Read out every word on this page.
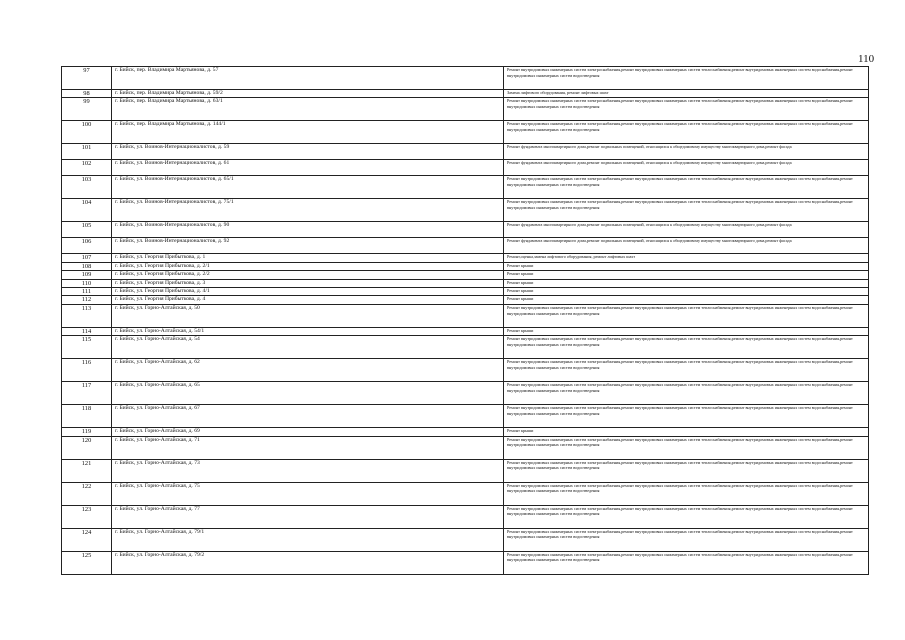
110
97	г. Бийск, пер. Владимира Мартьянова, д. 57	Ремонт внутридомовых инженерных систем электроснабжения,ремонт внутридомовых инженерных систем теплоснабжения,ремонт внутридомовых инженерных систем водоснабжения,ремонт внутридомовых инженерных систем водоотведения
98	г. Бийск, пер. Владимира Мартьянова, д. 59/2	Замена лифтового оборудования, ремонт лифтовых шахт
99	г. Бийск, пер. Владимира Мартьянова, д. 63/1	Ремонт внутридомовых инженерных систем электроснабжения,ремонт внутридомовых инженерных систем теплоснабжения,ремонт внутридомовых инженерных систем водоснабжения,ремонт внутридомовых инженерных систем водоотведения
100	г. Бийск, пер. Владимира Мартьянова, д. 144/1	Ремонт внутридомовых инженерных систем электроснабжения,ремонт внутридомовых инженерных систем теплоснабжения,ремонт внутридомовых инженерных систем водоснабжения,ремонт внутридомовых инженерных систем водоотведения
101	г. Бийск, ул. Воинов-Интернационалистов, д. 59	Ремонт фундамента многоквартирного дома,ремонт подвальных помещений, относящихся к общедомовому имуществу многоквартирного дома,ремонт фасада
102	г. Бийск, ул. Воинов-Интернационалистов, д. 61	Ремонт фундамента многоквартирного дома,ремонт подвальных помещений, относящихся к общедомовому имуществу многоквартирного дома,ремонт фасада
103	г. Бийск, ул. Воинов-Интернационалистов, д. 65/1	Ремонт внутридомовых инженерных систем электроснабжения,ремонт внутридомовых инженерных систем теплоснабжения,ремонт внутридомовых инженерных систем водоснабжения,ремонт внутридомовых инженерных систем водоотведения
104	г. Бийск, ул. Воинов-Интернационалистов, д. 75/1	Ремонт внутридомовых инженерных систем электроснабжения,ремонт внутридомовых инженерных систем теплоснабжения,ремонт внутридомовых инженерных систем водоснабжения,ремонт внутридомовых инженерных систем водоотведения
105	г. Бийск, ул. Воинов-Интернационалистов, д. 90	Ремонт фундамента многоквартирного дома,ремонт подвальных помещений, относящихся к общедомовому имуществу многоквартирного дома,ремонт фасада
106	г. Бийск, ул. Воинов-Интернационалистов, д. 92	Ремонт фундамента многоквартирного дома,ремонт подвальных помещений, относящихся к общедомовому имуществу многоквартирного дома,ремонт фасада
107	г. Бийск, ул. Георгия Прибыткова, д. 1	Ремонт,оценка,замена лифтового оборудования, ремонт лифтовых шахт
108	г. Бийск, ул. Георгия Прибыткова, д. 2/1	Ремонт крыши
109	г. Бийск, ул. Георгия Прибыткова, д. 2/2	Ремонт крыши
110	г. Бийск, ул. Георгия Прибыткова, д. 3	Ремонт крыши
111	г. Бийск, ул. Георгия Прибыткова, д. 4/1	Ремонт крыши
112	г. Бийск, ул. Георгия Прибыткова, д. 4	Ремонт крыши
113	г. Бийск, ул. Горно-Алтайская, д. 50	Ремонт внутридомовых инженерных систем электроснабжения,ремонт внутридомовых инженерных систем теплоснабжения,ремонт внутридомовых инженерных систем водоснабжения,ремонт внутридомовых инженерных систем водоотведения
114	г. Бийск, ул. Горно-Алтайская, д. 54/1	Ремонт крыши
115	г. Бийск, ул. Горно-Алтайская, д. 54	Ремонт внутридомовых инженерных систем электроснабжения,ремонт внутридомовых инженерных систем теплоснабжения,ремонт внутридомовых инженерных систем водоснабжения,ремонт внутридомовых инженерных систем водоотведения
116	г. Бийск, ул. Горно-Алтайская, д. 62	Ремонт внутридомовых инженерных систем электроснабжения,ремонт внутридомовых инженерных систем теплоснабжения,ремонт внутридомовых инженерных систем водоснабжения,ремонт внутридомовых инженерных систем водоотведения
117	г. Бийск, ул. Горно-Алтайская, д. 65	Ремонт внутридомовых инженерных систем электроснабжения,ремонт внутридомовых инженерных систем теплоснабжения,ремонт внутридомовых инженерных систем водоснабжения,ремонт внутридомовых инженерных систем водоотведения
118	г. Бийск, ул. Горно-Алтайская, д. 67	Ремонт внутридомовых инженерных систем электроснабжения,ремонт внутридомовых инженерных систем теплоснабжения,ремонт внутридомовых инженерных систем водоснабжения,ремонт внутридомовых инженерных систем водоотведения
119	г. Бийск, ул. Горно-Алтайская, д. 69	Ремонт крыши
120	г. Бийск, ул. Горно-Алтайская, д. 71	Ремонт внутридомовых инженерных систем электроснабжения,ремонт внутридомовых инженерных систем теплоснабжения,ремонт внутридомовых инженерных систем водоснабжения,ремонт внутридомовых инженерных систем водоотведения
121	г. Бийск, ул. Горно-Алтайская, д. 73	Ремонт внутридомовых инженерных систем электроснабжения,ремонт внутридомовых инженерных систем теплоснабжения,ремонт внутридомовых инженерных систем водоснабжения,ремонт внутридомовых инженерных систем водоотведения
122	г. Бийск, ул. Горно-Алтайская, д. 75	Ремонт внутридомовых инженерных систем электроснабжения,ремонт внутридомовых инженерных систем теплоснабжения,ремонт внутридомовых инженерных систем водоснабжения,ремонт внутридомовых инженерных систем водоотведения
123	г. Бийск, ул. Горно-Алтайская, д. 77	Ремонт внутридомовых инженерных систем электроснабжения,ремонт внутридомовых инженерных систем теплоснабжения,ремонт внутридомовых инженерных систем водоснабжения,ремонт внутридомовых инженерных систем водоотведения
124	г. Бийск, ул. Горно-Алтайская, д. 79/1	Ремонт внутридомовых инженерных систем электроснабжения,ремонт внутридомовых инженерных систем теплоснабжения,ремонт внутридомовых инженерных систем водоснабжения,ремонт внутридомовых инженерных систем водоотведения
125	г. Бийск, ул. Горно-Алтайская, д. 79/2	Ремонт внутридомовых инженерных систем электроснабжения,ремонт внутридомовых инженерных систем теплоснабжения,ремонт внутридомовых инженерных систем водоснабжения,ремонт внутридомовых инженерных систем водоотведения
